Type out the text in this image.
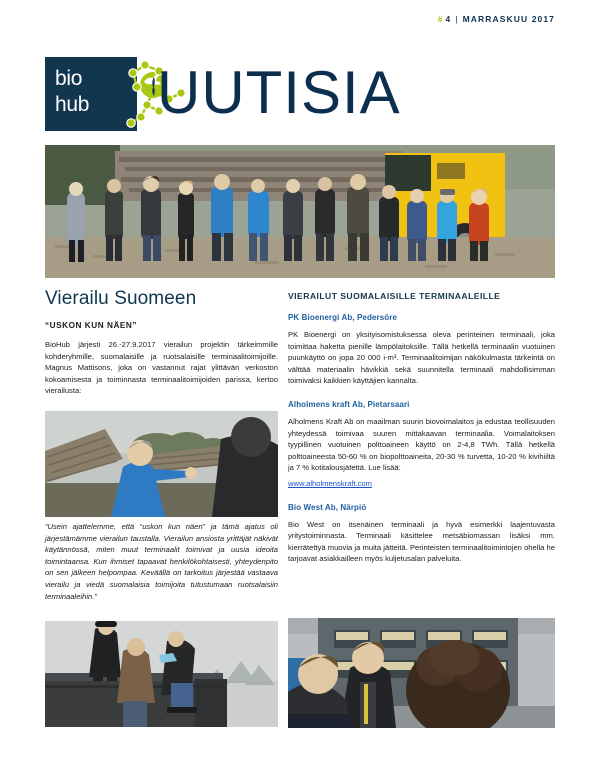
# 4 | MARRASKUU 2017
bio
hub UUTISIA
Vierailu Suomeen
“USKON KUN NÄEN”
BioHub järjesti 26.-27.9.2017 vierailun projektin tärkeimmille kohderyhmille, suomalaisille ja ruotsalaisille terminaalitoimijoille. Magnus Mattisons, joka on vastannut rajat ylittävän verkoston kokoamisesta ja toiminnasta terminaalitoimijoiden parissa, kertoo vierailusta:
“Usein ajattelemme, että “uskon kun näen” ja tämä ajatus oli järjestämämme vierailun taustalla. Vierailun ansiosta yrittäjät näkivät käytännössä, miten muut terminaalit toimivat ja uusia ideoita toimintaansa. Kun ihmiset tapaavat henkilökohtaisesti, yhteydenpito on sen jälkeen helpompaa. Keväällä on tarkoitus järjestää vastaava vierailu ja viedä suomalaisia toimijoita tutustumaan ruotsalaisiin terminaaleihin.”
VIERAILUT SUOMALAISILLE TERMINAALEILLE
PK Bioenergi Ab, Pedersöre
PK Bioenergi on yksityisomistuksessa oleva perinteinen terminaali, joka toimittaa haketta pienille lämpölaitoksille. Tällä hetkellä terminaalin vuotuinen puunkäyttö on jopa 20 000 i-m³. Terminaalitoimijan näkökulmasta tärkeintä on välttää materiaalin hävikkiä sekä suunnitella terminaali mahdollisimman toimivaksi kaikkien käyttäjien kannalta.
Alholmens kraft Ab, Pietarsaari
Alholmens Kraft Ab on maailman suurin biovoimalaitos ja edustaa teollisuuden yhteydessä toimivaa suuren mittakaavan terminaalia. Voimalaitoksen tyypillinen vuotuinen polttoaineen käyttö on 2-4,8 TWh. Tällä hetkellä polttoaineesta 50-60 % on biopolttoaineita, 20-30 % turvetta, 10-20 % kivihiiltä ja 7 % kotitalousjätettä. Lue lisää:
www.alholmenskraft.com
Bio West Ab, Närpiö
Bio West on itsenäinen terminaali ja hyvä esimerkki laajentuvasta yritystoiminnasta. Terminaali käsittelee metsäbiomassan lisäksi mm. kierrätettyä muovia ja muita jätteitä. Perinteisten terminaalitoimintojen ohella he tarjoavat asiakkailleen myös kuljetusalan palveluita.
